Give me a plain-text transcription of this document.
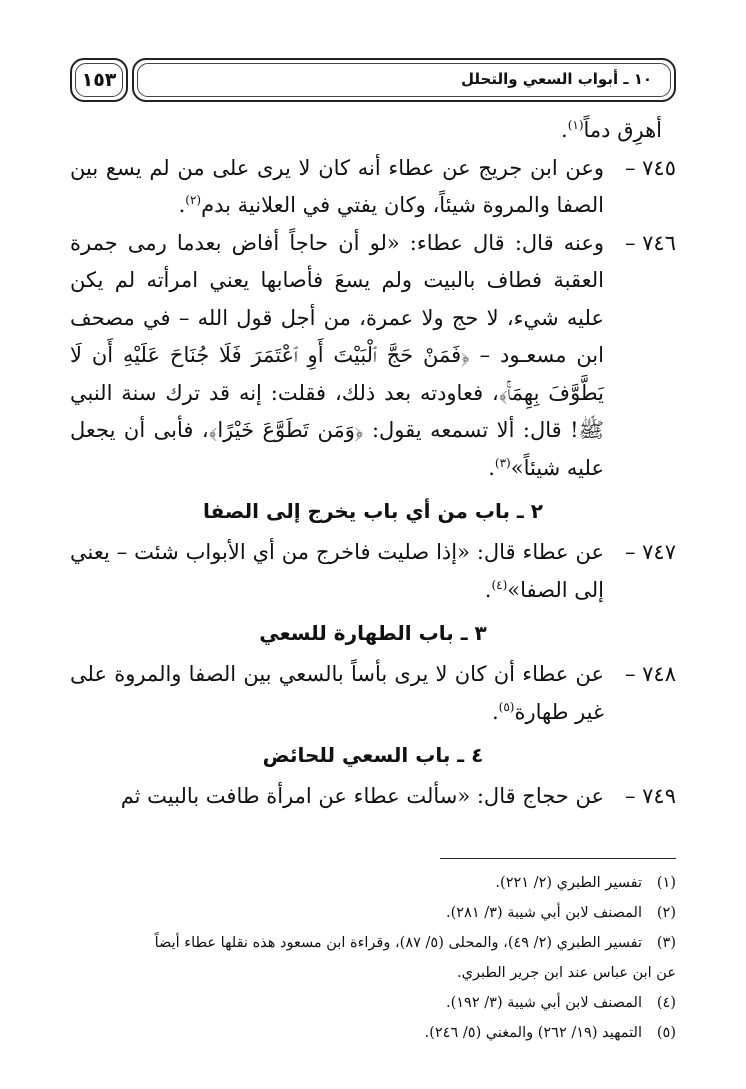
١٠ ـ أبواب السعي والتحلل
١٥٣

أهرِق دماً$^{(١)}$.

٧٤٥ –
وعن ابن جريج عن عطاء أنه كان لا يرى على من لم يسع بين الصفا والمروة شيئاً، وكان يفتي في العلانية بدم$^{(٢)}$.

٧٤٦ –
وعنه قال: قال عطاء: «لو أن حاجاً أفاض بعدما رمى جمرة العقبة فطاف بالبيت ولم يسعَ فأصابها يعني امرأته لم يكن عليه شيء، لا حج ولا عمرة، من أجل قول الله – في مصحف ابن مسعـود – ﴿فَمَنْ حَجَّ ٱلْبَيْتَ أَوِ ٱعْتَمَرَ فَلَا جُنَاحَ عَلَيْهِ أَن لَا يَطَّوَّفَ بِهِمَاۚ﴾، فعاودته بعد ذلك، فقلت: إنه قد ترك سنة النبي ﷺ! قال: ألا تسمعه يقول: ﴿وَمَن تَطَوَّعَ خَيْرًا﴾، فأبى أن يجعل عليه شيئاً»$^{(٣)}$.

٢ ـ باب من أي باب يخرج إلى الصفا

٧٤٧ –
عن عطاء قال: «إذا صليت فاخرج من أي الأبواب شئت – يعني إلى الصفا»$^{(٤)}$.

٣ ـ باب الطهارة للسعي

٧٤٨ –
عن عطاء أن كان لا يرى بأساً بالسعي بين الصفا والمروة على غير طهارة$^{(٥)}$.

٤ ـ باب السعي للحائض

٧٤٩ –
عن حجاج قال: «سألت عطاء عن امرأة طافت بالبيت ثم

(١)
تفسير الطبري (٢/ ٢٢١).

(٢)
المصنف لابن أبي شيبة (٣/ ٢٨١).

(٣)
تفسير الطبري (٢/ ٤٩)، والمحلى (٥/ ٨٧)، وقراءة ابن مسعود هذه نقلها عطاء أيضاً

عن ابن عباس عند ابن جرير الطبري.

(٤)
المصنف لابن أبي شيبة (٣/ ١٩٢).

(٥)
التمهيد (١٩/ ٢٦٢) والمغني (٥/ ٢٤٦).
